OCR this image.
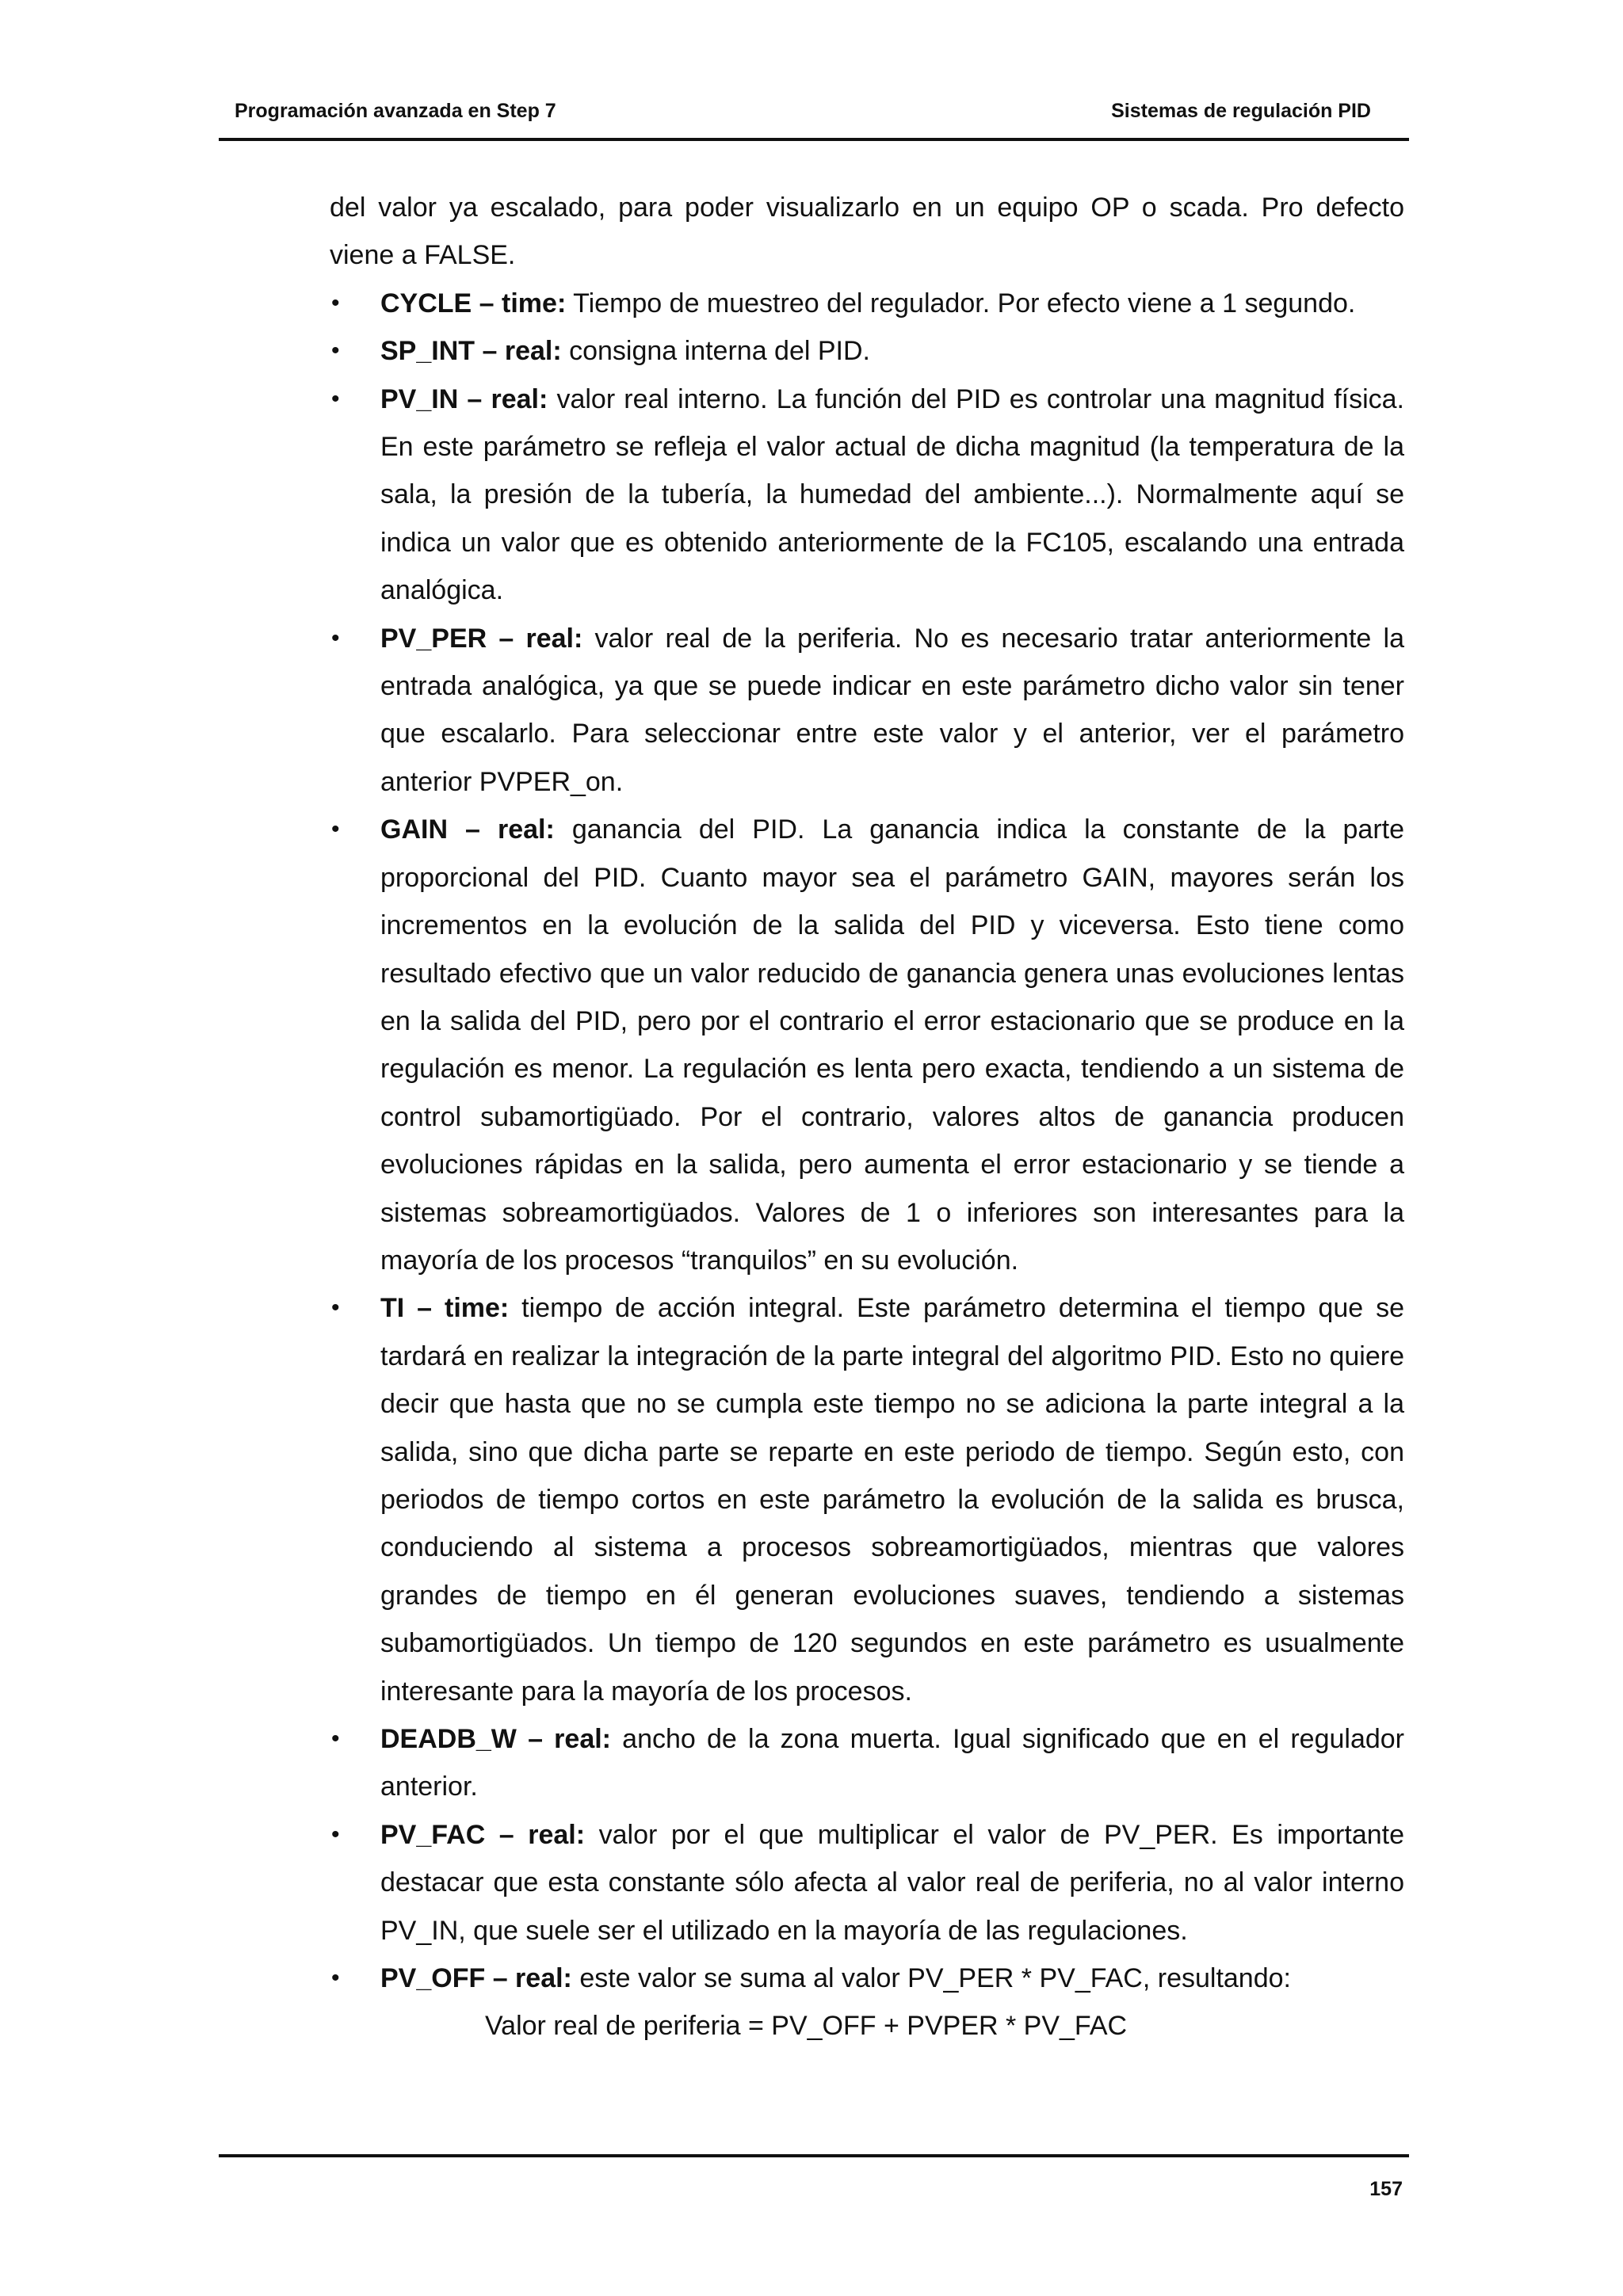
Programación avanzada en Step 7	Sistemas de regulación PID

del valor ya escalado, para poder visualizarlo en un equipo OP o scada. Pro defecto viene a FALSE.

• CYCLE – time: Tiempo de muestreo del regulador. Por efecto viene a 1 segundo.
• SP_INT – real: consigna interna del PID.
• PV_IN – real: valor real interno. La función del PID es controlar una magnitud física. En este parámetro se refleja el valor actual de dicha magnitud (la temperatura de la sala, la presión de la tubería, la humedad del ambiente...). Normalmente aquí se indica un valor que es obtenido anteriormente de la FC105, escalando una entrada analógica.
• PV_PER – real: valor real de la periferia. No es necesario tratar anteriormente la entrada analógica, ya que se puede indicar en este parámetro dicho valor sin tener que escalarlo. Para seleccionar entre este valor y el anterior, ver el parámetro anterior PVPER_on.
• GAIN – real: ganancia del PID. La ganancia indica la constante de la parte proporcional del PID. Cuanto mayor sea el parámetro GAIN, mayores serán los incrementos en la evolución de la salida del PID y viceversa. Esto tiene como resultado efectivo que un valor reducido de ganancia genera unas evoluciones lentas en la salida del PID, pero por el contrario el error estacionario que se produce en la regulación es menor. La regulación es lenta pero exacta, tendiendo a un sistema de control subamortigüado. Por el contrario, valores altos de ganancia producen evoluciones rápidas en la salida, pero aumenta el error estacionario y se tiende a sistemas sobreamortigüados. Valores de 1 o inferiores son interesantes para la mayoría de los procesos “tranquilos” en su evolución.
• TI – time: tiempo de acción integral. Este parámetro determina el tiempo que se tardará en realizar la integración de la parte integral del algoritmo PID. Esto no quiere decir que hasta que no se cumpla este tiempo no se adiciona la parte integral a la salida, sino que dicha parte se reparte en este periodo de tiempo. Según esto, con periodos de tiempo cortos en este parámetro la evolución de la salida es brusca, conduciendo al sistema a procesos sobreamortigüados, mientras que valores grandes de tiempo en él generan evoluciones suaves, tendiendo a sistemas subamortigüados. Un tiempo de 120 segundos en este parámetro es usualmente interesante para la mayoría de los procesos.
• DEADB_W – real: ancho de la zona muerta. Igual significado que en el regulador anterior.
• PV_FAC – real: valor por el que multiplicar el valor de PV_PER. Es importante destacar que esta constante sólo afecta al valor real de periferia, no al valor interno PV_IN, que suele ser el utilizado en la mayoría de las regulaciones.
• PV_OFF – real: este valor se suma al valor PV_PER * PV_FAC, resultando:
Valor real de periferia = PV_OFF + PVPER * PV_FAC
157
